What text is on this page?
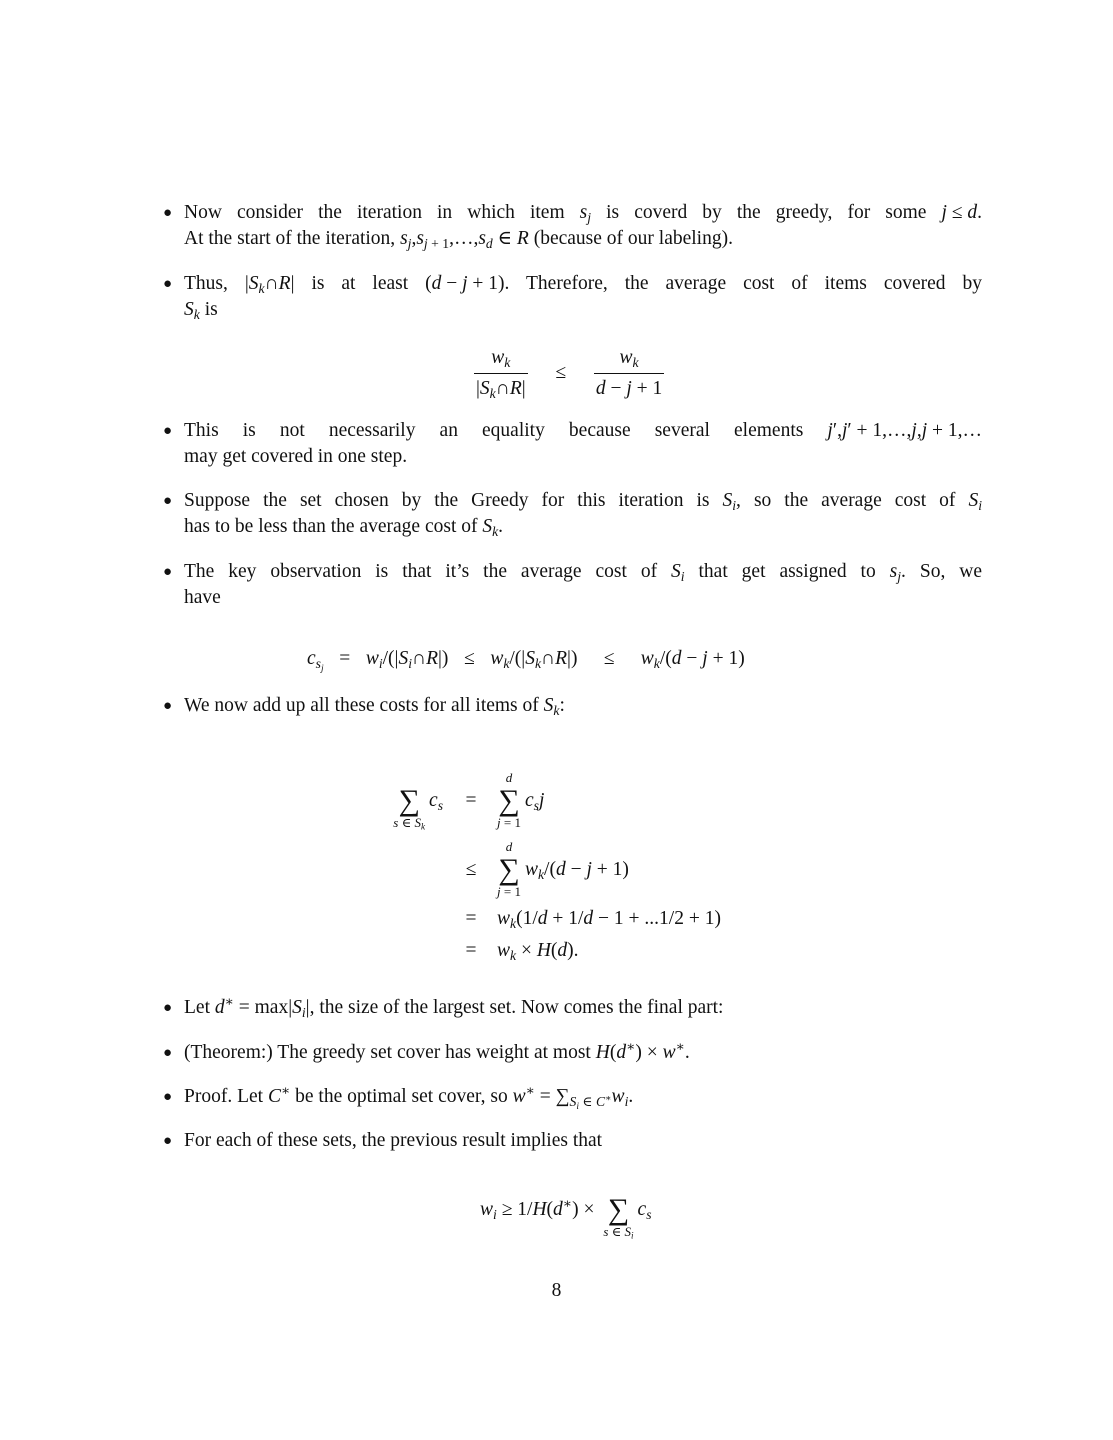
● Now consider the iteration in which item $s_j$ is coverd by the greedy, for some j ≤ d.
At the start of the iteration, $s_j,s_{j + 1},\dots,s_d$ ∈ R (because of our labeling).
● Thus, $|S_k\cap R|$ is at least (d − j + 1). Therefore, the average cost of items covered by
$S_k$ is
$\frac{w_k}{|S_k\cap R|} \le \frac{w_k}{d - j + 1}$
● This is not necessarily an equality because several elements j′,j′ + 1,…,j,j + 1,…
may get covered in one step.
● Suppose the set chosen by the Greedy for this iteration is $S_i$, so the average cost of $S_i$
has to be less than the average cost of $S_k$.
● The key observation is that it’s the average cost of $S_i$ that get assigned to $s_j$. So, we
have
$c_{s_j}$ = $w_i/(|S_i\cap R|)$ ≤ $w_k/(|S_k\cap R|) \le w_k/(d - j + 1)$
● We now add up all these costs for all items of $S_k$:
∑
s ∈ $S_k$
$c_s$ =
d
∑
j = 1
$c_sj$
≤
d
∑
j = 1
$w_k/(d - j + 1)$
= $w_k(1/d + 1/d - 1 + ...1/2 + 1)$
= $w_k \times H(d)$.
● Let $d^∗ = \max|S_i|$, the size of the largest set. Now comes the final part:
● (Theorem:) The greedy set cover has weight at most H(d∗) × w∗.
● Proof. Let C∗ be the optimal set cover, so $w^∗ = \sum_{S_i \in C^∗}w_i$.
● For each of these sets, the previous result implies that
$w_i \ge 1/H(d^∗)$ × ∑
s ∈ $S_i$
$c_s$
8
